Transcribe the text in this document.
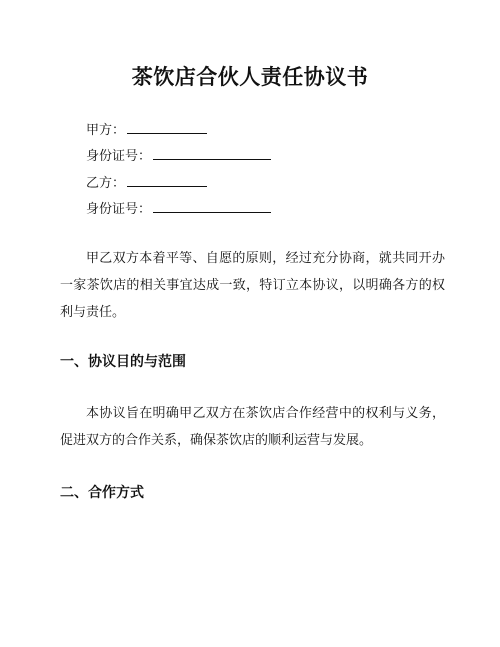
茶饮店合伙人责任协议书
甲方：
身份证号：
乙方：
身份证号：

甲乙双方本着平等、自愿的原则，经过充分协商，就共同开办一家茶饮店的相关事宜达成一致，特订立本协议，以明确各方的权利与责任。

一、协议目的与范围

本协议旨在明确甲乙双方在茶饮店合作经营中的权利与义务，促进双方的合作关系，确保茶饮店的顺利运营与发展。

二、合作方式
